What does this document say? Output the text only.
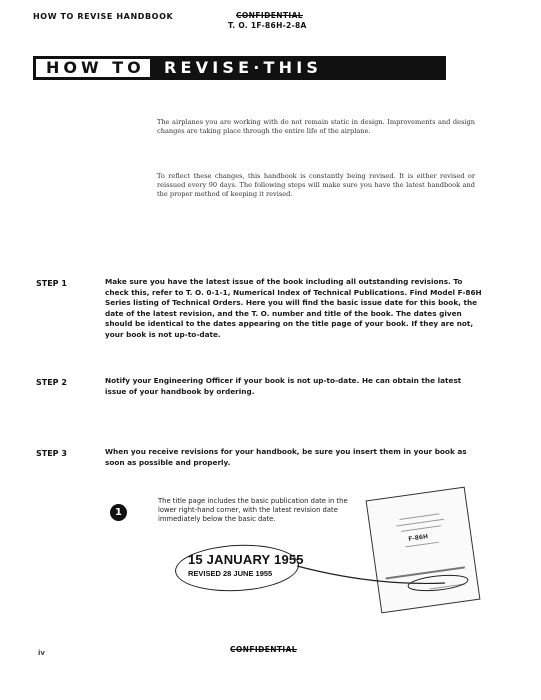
HOW TO REVISE HANDBOOK	CONFIDENTIAL
T. O. 1F-86H-2-8A
HOW TO	REVISE·THIS HANDBOOK
The airplanes you are working with do not remain static in design. Improvements and design changes are taking place through the entire life of the airplane.
To reflect these changes, this handbook is constantly being revised. It is either revised or reissued every 90 days. The following steps will make sure you have the latest handbook and the proper method of keeping it revised.
STEP 1	Make sure you have the latest issue of the book including all outstanding revisions. To check this, refer to T. O. 0-1-1, Numerical Index of Technical Publications. Find Model F-86H Series listing of Technical Orders. Here you will find the basic issue date for this book, the date of the latest revision, and the T. O. number and title of the book. The dates given should be identical to the dates appearing on the title page of your book. If they are not, your book is not up-to-date.
STEP 2	Notify your Engineering Officer if your book is not up-to-date. He can obtain the latest issue of your handbook by ordering.
STEP 3	When you receive revisions for your handbook, be sure you insert them in your book as soon as possible and properly.
1
The title page includes the basic publication date in the lower right-hand corner, with the latest revision date immediately below the basic date.
F-86H
15 JANUARY 1955
REVISED 28 JUNE 1955
iv	CONFIDENTIAL
